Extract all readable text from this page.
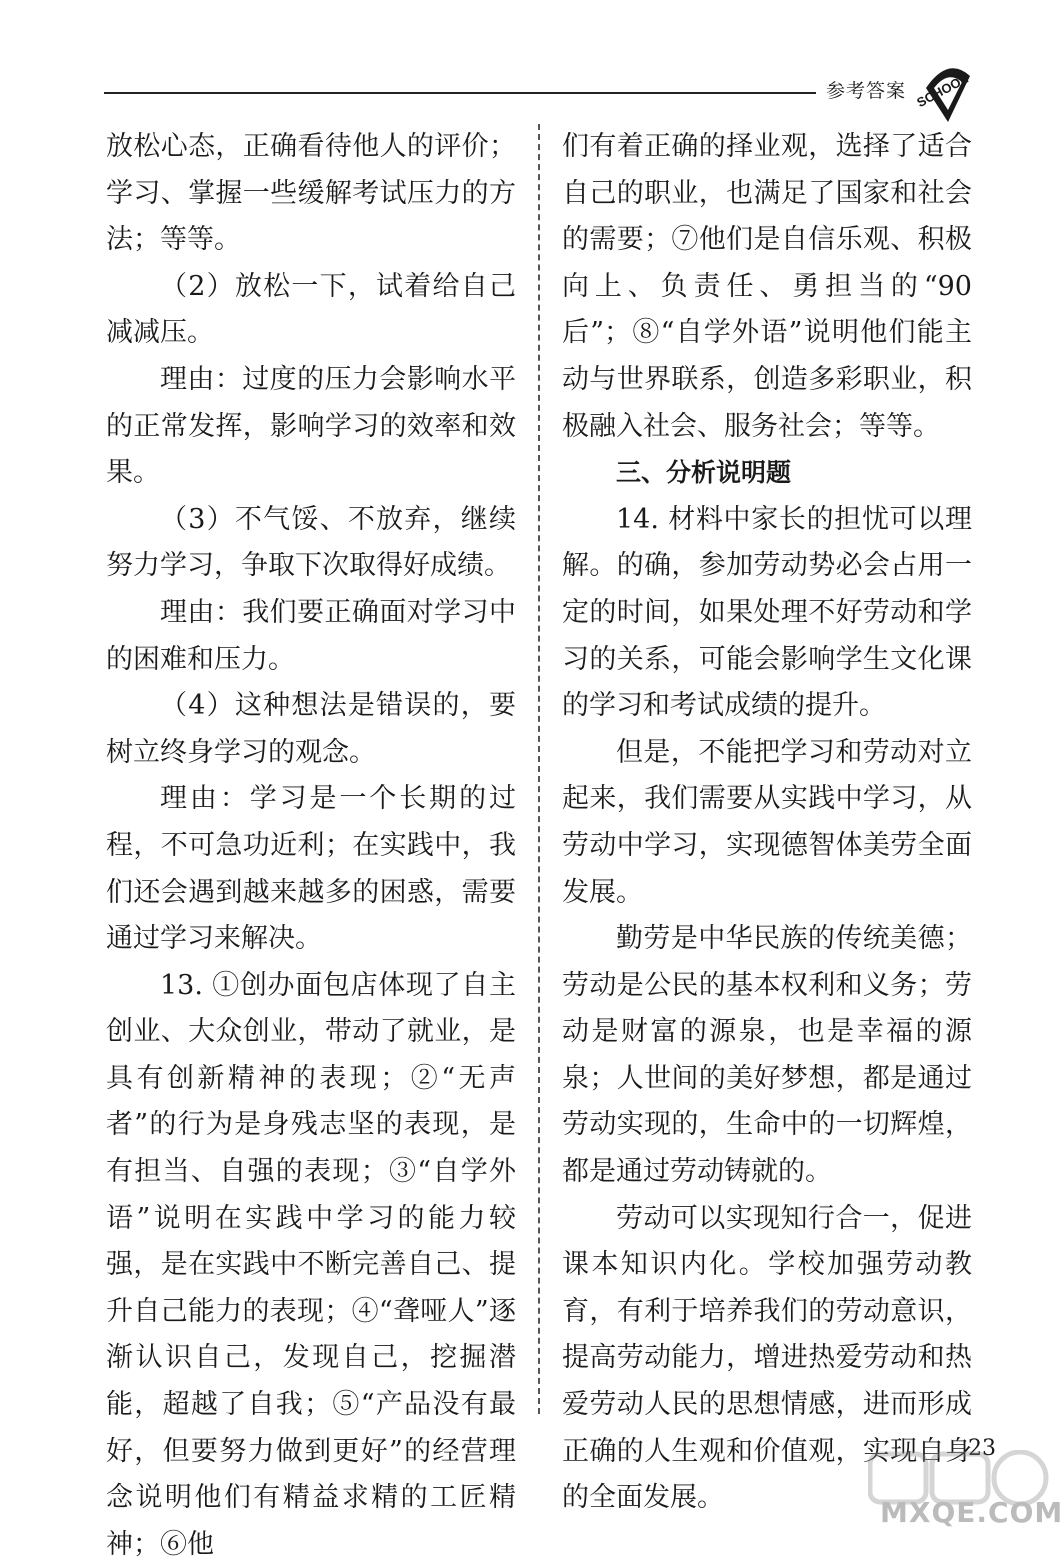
参考答案 SCHOOL

放松心态，正确看待他人的评价；学习、掌握一些缓解考试压力的方法；等等。

（2）放松一下，试着给自己减减压。

理由：过度的压力会影响水平的正常发挥，影响学习的效率和效果。

（3）不气馁、不放弃，继续努力学习，争取下次取得好成绩。

理由：我们要正确面对学习中的困难和压力。

（4）这种想法是错误的，要树立终身学习的观念。

理由：学习是一个长期的过程，不可急功近利；在实践中，我们还会遇到越来越多的困惑，需要通过学习来解决。

13. ①创办面包店体现了自主创业、大众创业，带动了就业，是具有创新精神的表现；②“无声者”的行为是身残志坚的表现，是有担当、自强的表现；③“自学外语”说明在实践中学习的能力较强，是在实践中不断完善自己、提升自己能力的表现；④“聋哑人”逐渐认识自己，发现自己，挖掘潜能，超越了自我；⑤“产品没有最好，但要努力做到更好”的经营理念说明他们有精益求精的工匠精神；⑥他

们有着正确的择业观，选择了适合自己的职业，也满足了国家和社会的需要；⑦他们是自信乐观、积极向上、负责任、勇担当的“90后”；⑧“自学外语”说明他们能主动与世界联系，创造多彩职业，积极融入社会、服务社会；等等。

三、分析说明题

14. 材料中家长的担忧可以理解。的确，参加劳动势必会占用一定的时间，如果处理不好劳动和学习的关系，可能会影响学生文化课的学习和考试成绩的提升。

但是，不能把学习和劳动对立起来，我们需要从实践中学习，从劳动中学习，实现德智体美劳全面发展。

勤劳是中华民族的传统美德；劳动是公民的基本权利和义务；劳动是财富的源泉，也是幸福的源泉；人世间的美好梦想，都是通过劳动实现的，生命中的一切辉煌，都是通过劳动铸就的。

劳动可以实现知行合一，促进课本知识内化。学校加强劳动教育，有利于培养我们的劳动意识，提高劳动能力，增进热爱劳动和热爱劳动人民的思想情感，进而形成正确的人生观和价值观，实现自身的全面发展。

23
MXQE.COM
